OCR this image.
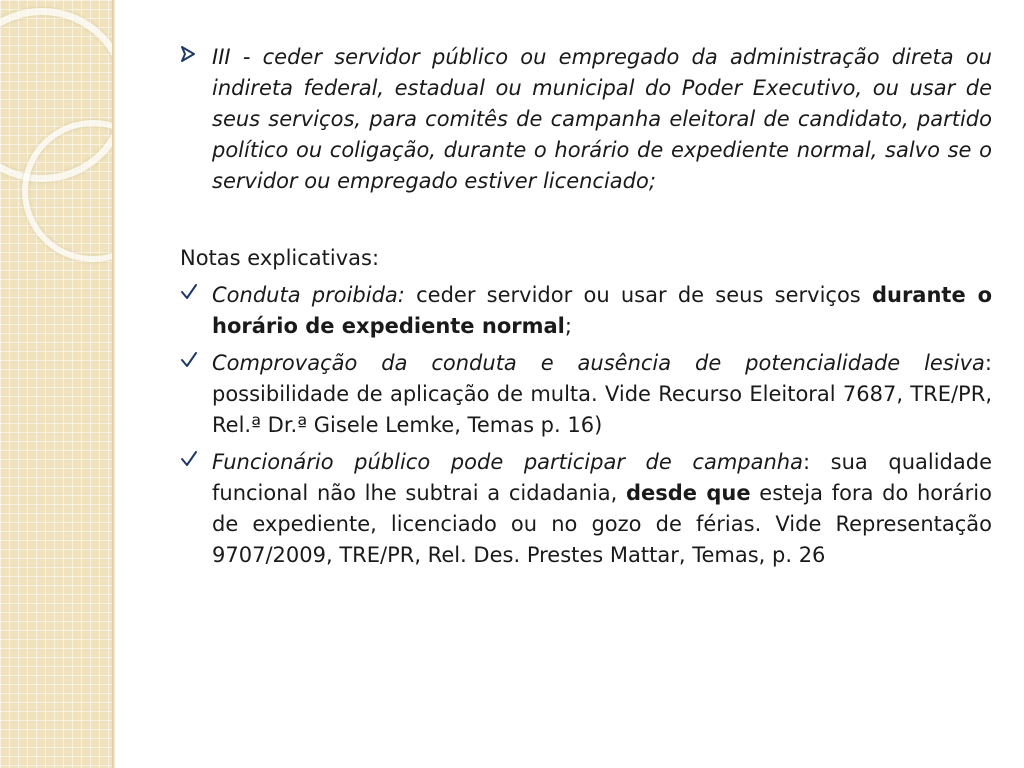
III - ceder servidor público ou empregado da administração direta ou indireta federal, estadual ou municipal do Poder Executivo, ou usar de seus serviços, para comitês de campanha eleitoral de candidato, partido político ou coligação, durante o horário de expediente normal, salvo se o servidor ou empregado estiver licenciado;
Notas explicativas:
Conduta proibida: ceder servidor ou usar de seus serviços durante o horário de expediente normal;
Comprovação da conduta e ausência de potencialidade lesiva: possibilidade de aplicação de multa. Vide Recurso Eleitoral 7687, TRE/PR, Rel.ª Dr.ª Gisele Lemke, Temas p. 16)
Funcionário público pode participar de campanha: sua qualidade funcional não lhe subtrai a cidadania, desde que esteja fora do horário de expediente, licenciado ou no gozo de férias. Vide Representação 9707/2009, TRE/PR, Rel. Des. Prestes Mattar, Temas, p. 26
